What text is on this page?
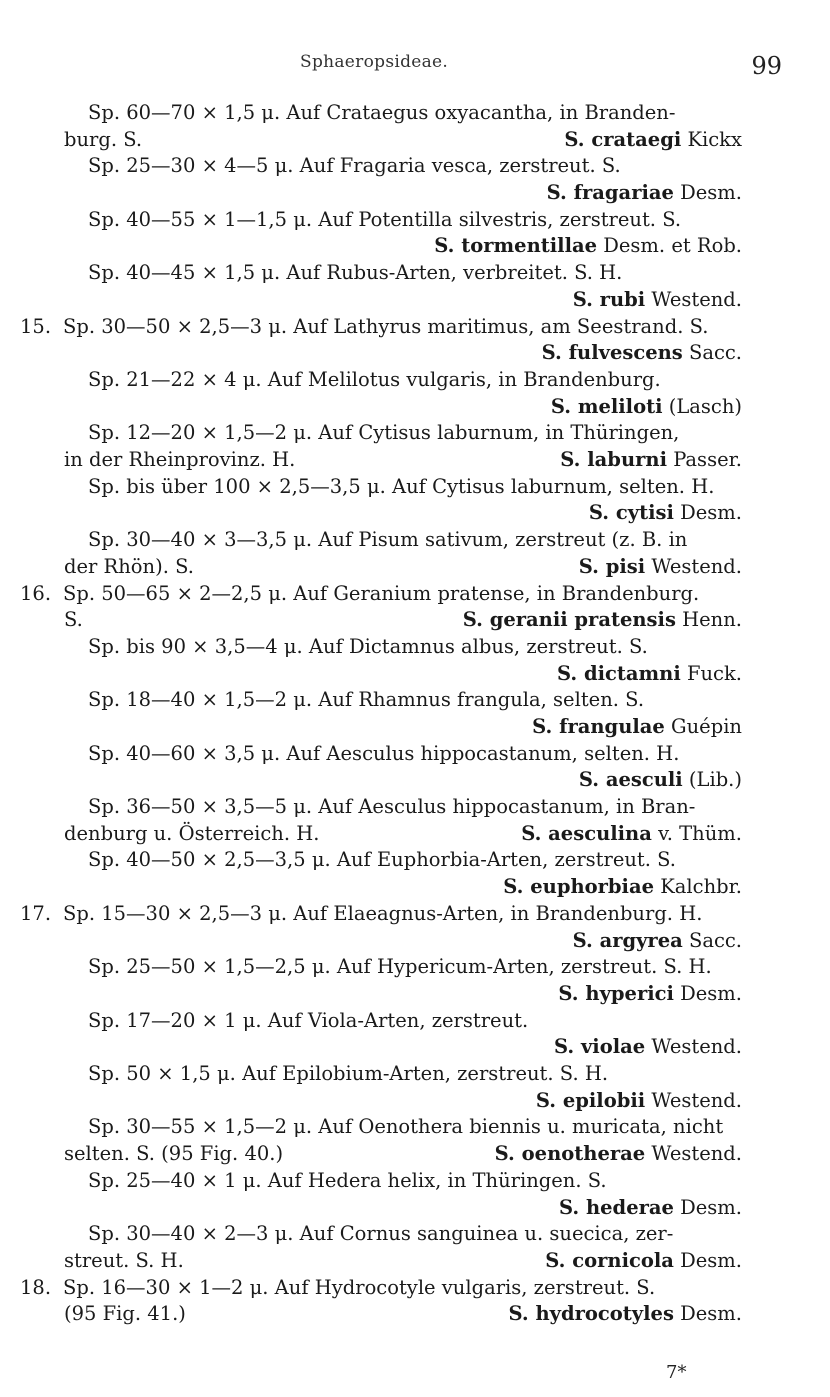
Sphaeropsideae.	99
Sp. 60—70 × 1,5 μ. Auf Crataegus oxyacantha, in Branden-
burg. S.	S. crataegi Kickx
Sp. 25—30 × 4—5 μ. Auf Fragaria vesca, zerstreut. S.
S. fragariae Desm.
Sp. 40—55 × 1—1,5 μ. Auf Potentilla silvestris, zerstreut. S.
S. tormentillae Desm. et Rob.
Sp. 40—45 × 1,5 μ. Auf Rubus-Arten, verbreitet. S. H.
S. rubi Westend.
15. Sp. 30—50 × 2,5—3 μ. Auf Lathyrus maritimus, am Seestrand. S.
S. fulvescens Sacc.
Sp. 21—22 × 4 μ. Auf Melilotus vulgaris, in Brandenburg.
S. meliloti (Lasch)
Sp. 12—20 × 1,5—2 μ. Auf Cytisus laburnum, in Thüringen,
in der Rheinprovinz. H.	S. laburni Passer.
Sp. bis über 100 × 2,5—3,5 μ. Auf Cytisus laburnum, selten. H.
S. cytisi Desm.
Sp. 30—40 × 3—3,5 μ. Auf Pisum sativum, zerstreut (z. B. in
der Rhön). S.	S. pisi Westend.
16. Sp. 50—65 × 2—2,5 μ. Auf Geranium pratense, in Brandenburg.
S.	S. geranii pratensis Henn.
Sp. bis 90 × 3,5—4 μ. Auf Dictamnus albus, zerstreut. S.
S. dictamni Fuck.
Sp. 18—40 × 1,5—2 μ. Auf Rhamnus frangula, selten. S.
S. frangulae Guépin
Sp. 40—60 × 3,5 μ. Auf Aesculus hippocastanum, selten. H.
S. aesculi (Lib.)
Sp. 36—50 × 3,5—5 μ. Auf Aesculus hippocastanum, in Bran-
denburg u. Österreich. H.	S. aesculina v. Thüm.
Sp. 40—50 × 2,5—3,5 μ. Auf Euphorbia-Arten, zerstreut. S.
S. euphorbiae Kalchbr.
17. Sp. 15—30 × 2,5—3 μ. Auf Elaeagnus-Arten, in Brandenburg. H.
S. argyrea Sacc.
Sp. 25—50 × 1,5—2,5 μ. Auf Hypericum-Arten, zerstreut. S. H.
S. hyperici Desm.
Sp. 17—20 × 1 μ. Auf Viola-Arten, zerstreut.
S. violae Westend.
Sp. 50 × 1,5 μ. Auf Epilobium-Arten, zerstreut. S. H.
S. epilobii Westend.
Sp. 30—55 × 1,5—2 μ. Auf Oenothera biennis u. muricata, nicht
selten. S. (95 Fig. 40.)	S. oenotherae Westend.
Sp. 25—40 × 1 μ. Auf Hedera helix, in Thüringen. S.
S. hederae Desm.
Sp. 30—40 × 2—3 μ. Auf Cornus sanguinea u. suecica, zer-
streut. S. H.	S. cornicola Desm.
18. Sp. 16—30 × 1—2 μ. Auf Hydrocotyle vulgaris, zerstreut. S.
(95 Fig. 41.)	S. hydrocotyles Desm.
7*
